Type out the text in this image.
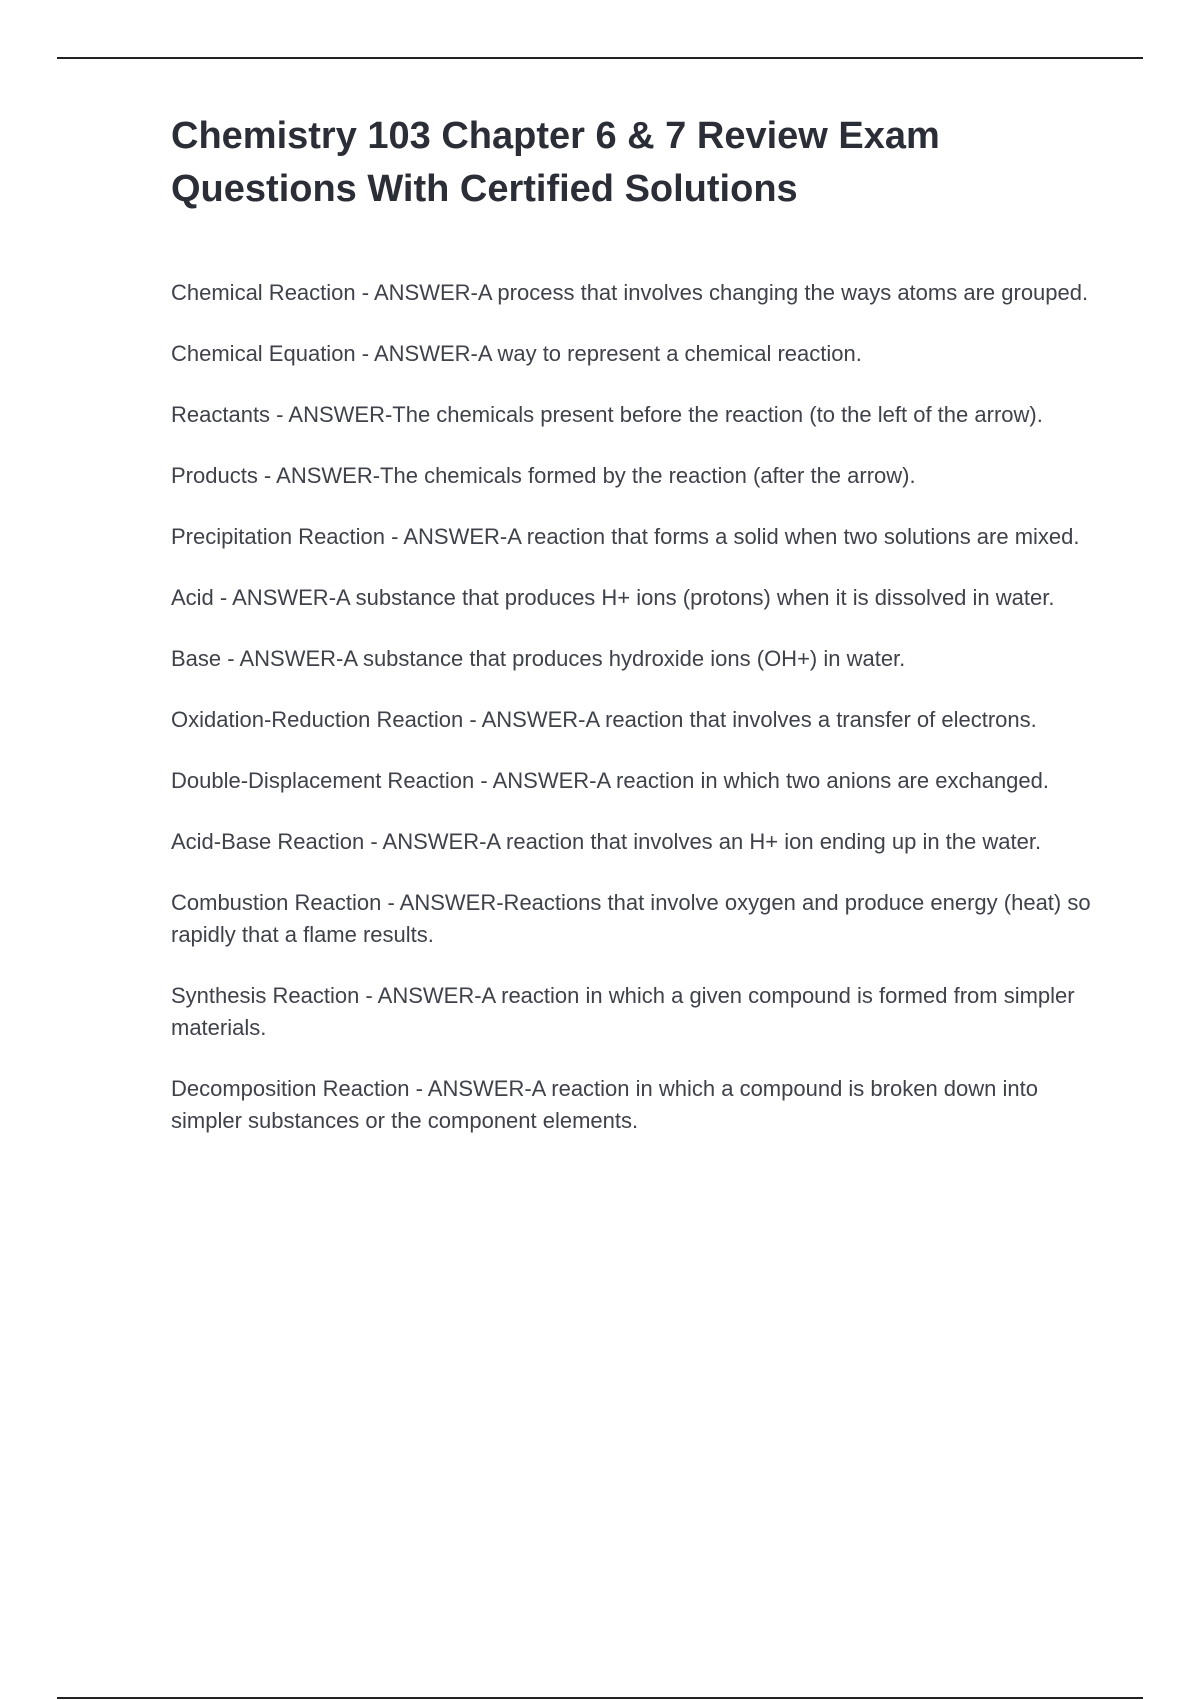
Chemistry 103 Chapter 6 & 7 Review Exam Questions With Certified Solutions
Chemical Reaction - ANSWER-A process that involves changing the ways atoms are grouped.
Chemical Equation - ANSWER-A way to represent a chemical reaction.
Reactants - ANSWER-The chemicals present before the reaction (to the left of the arrow).
Products - ANSWER-The chemicals formed by the reaction (after the arrow).
Precipitation Reaction - ANSWER-A reaction that forms a solid when two solutions are mixed.
Acid - ANSWER-A substance that produces H+ ions (protons) when it is dissolved in water.
Base - ANSWER-A substance that produces hydroxide ions (OH+) in water.
Oxidation-Reduction Reaction - ANSWER-A reaction that involves a transfer of electrons.
Double-Displacement Reaction - ANSWER-A reaction in which two anions are exchanged.
Acid-Base Reaction - ANSWER-A reaction that involves an H+ ion ending up in the water.
Combustion Reaction - ANSWER-Reactions that involve oxygen and produce energy (heat) so rapidly that a flame results.
Synthesis Reaction - ANSWER-A reaction in which a given compound is formed from simpler materials.
Decomposition Reaction - ANSWER-A reaction in which a compound is broken down into simpler substances or the component elements.
